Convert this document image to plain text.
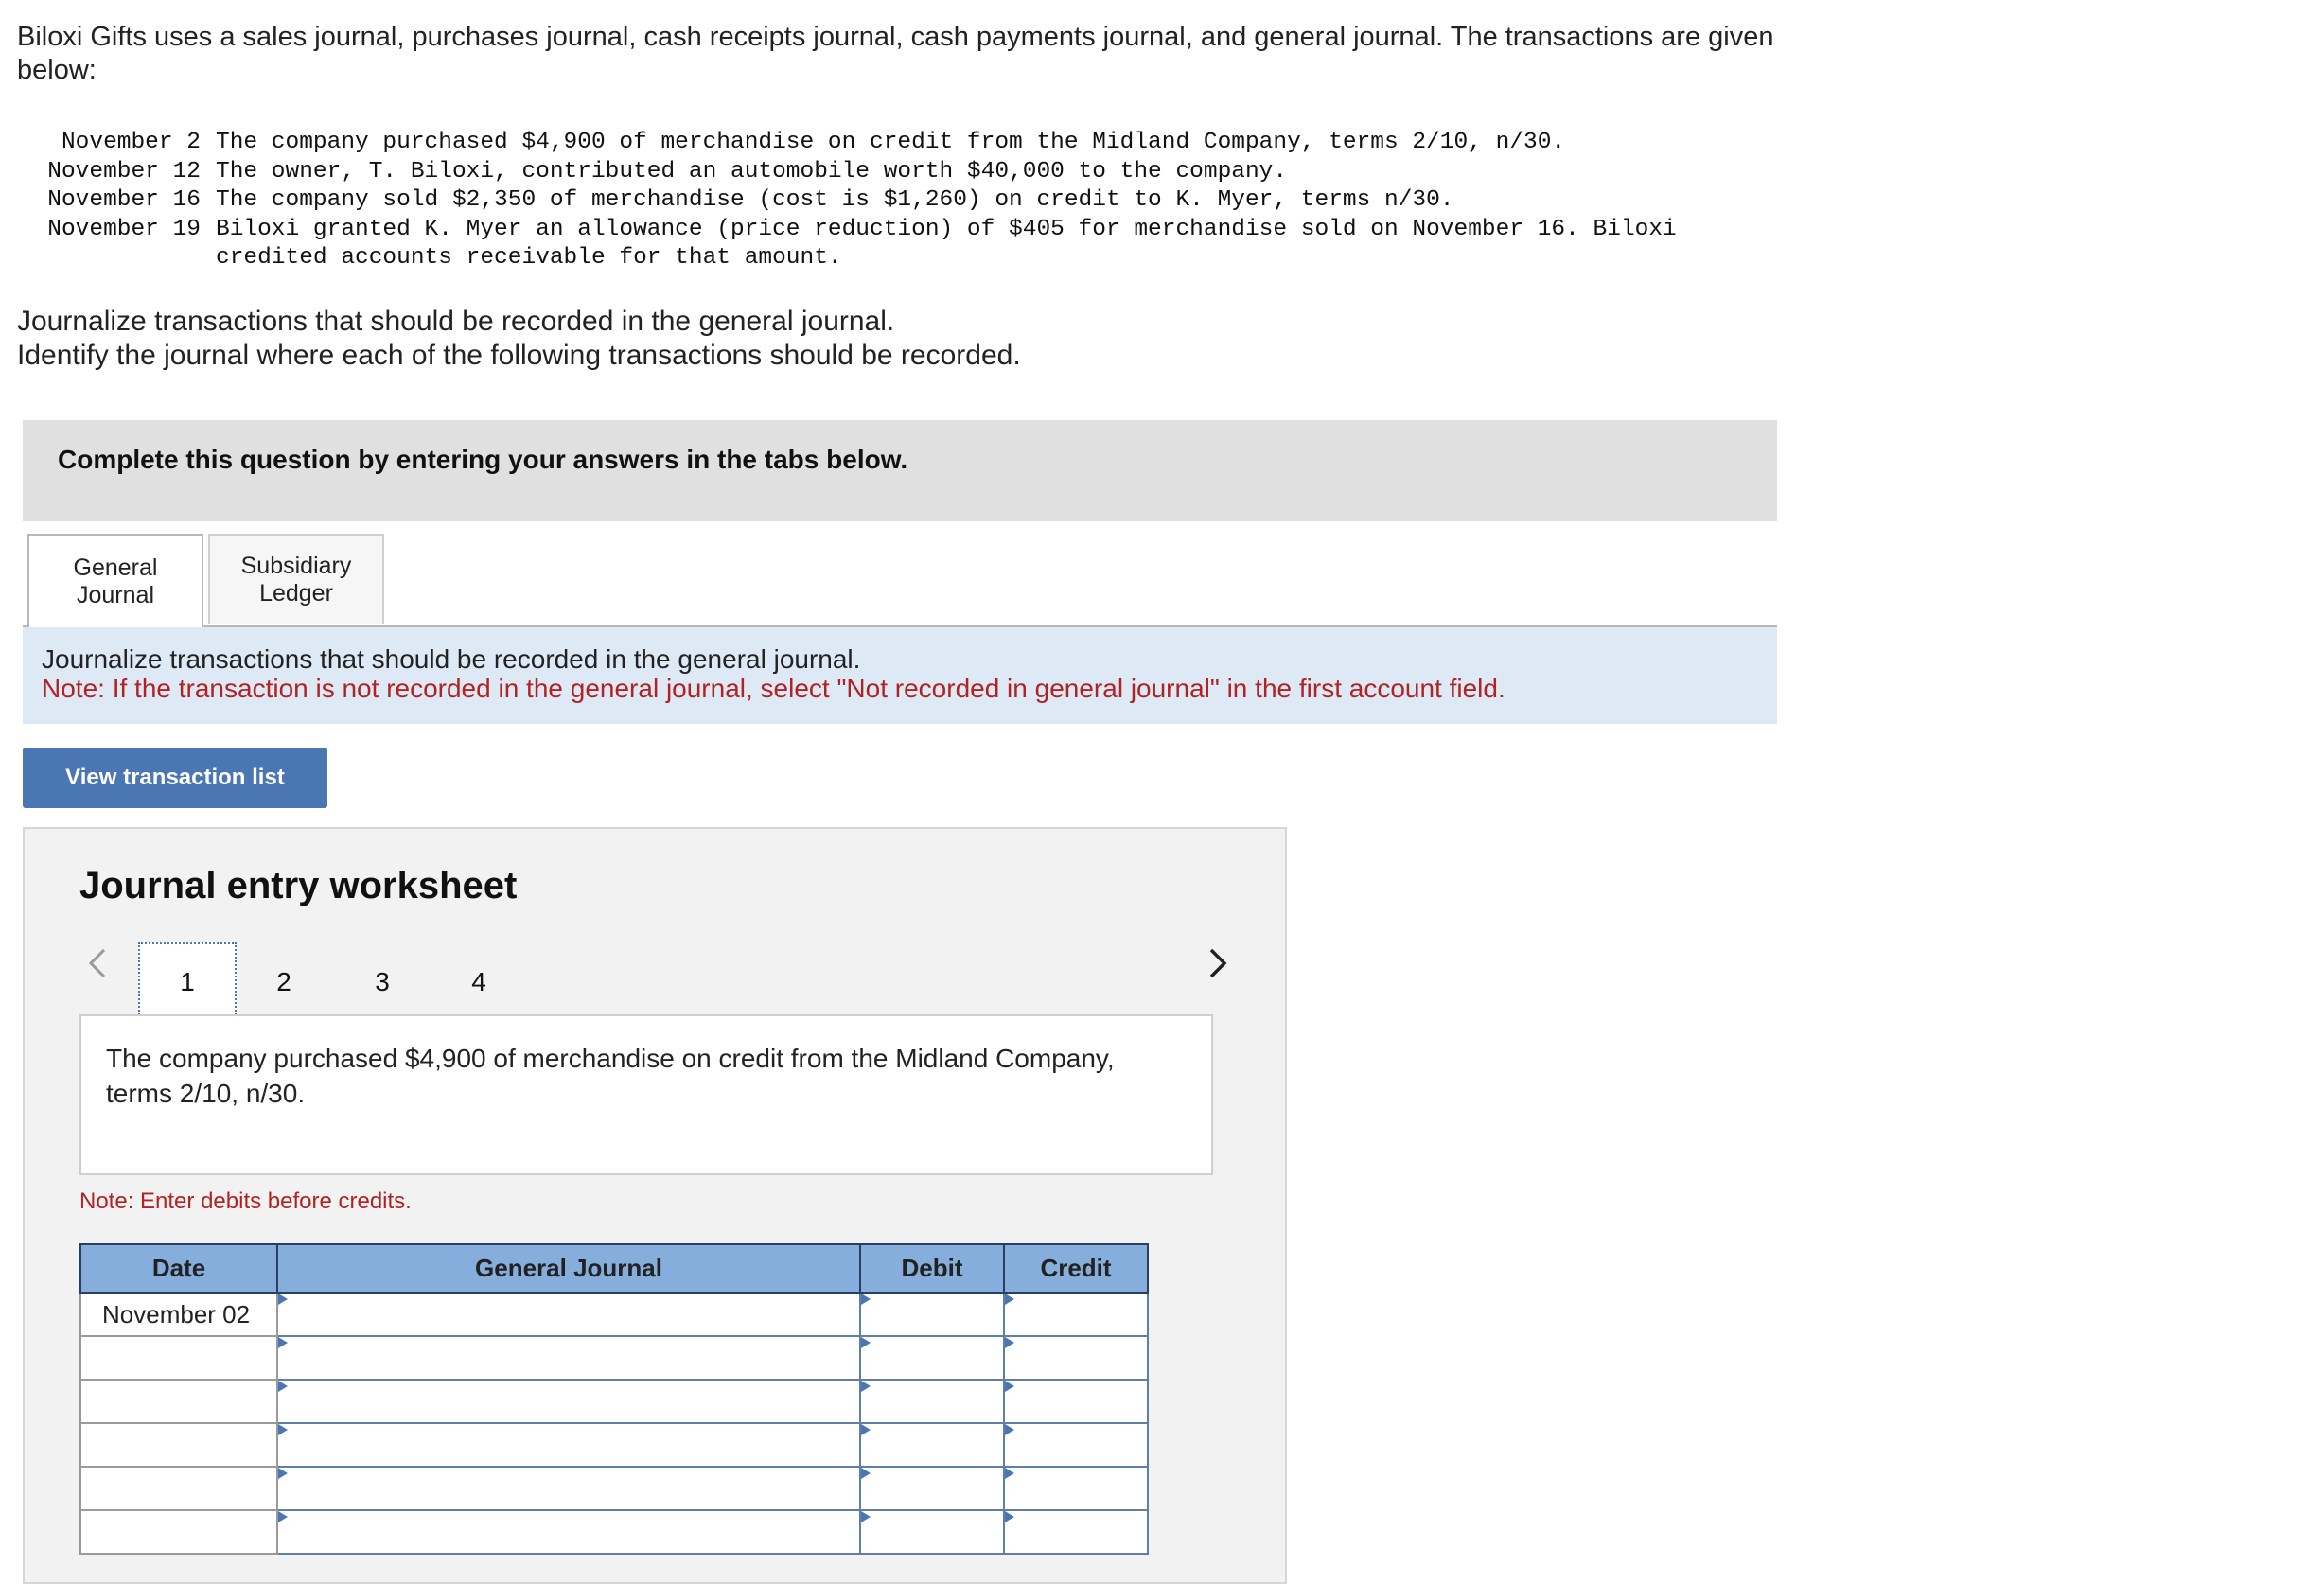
Biloxi Gifts uses a sales journal, purchases journal, cash receipts journal, cash payments journal, and general journal. The transactions are given below:
November 2 The company purchased $4,900 of merchandise on credit from the Midland Company, terms 2/10, n/30.
November 12 The owner, T. Biloxi, contributed an automobile worth $40,000 to the company.
November 16 The company sold $2,350 of merchandise (cost is $1,260) on credit to K. Myer, terms n/30.
November 19 Biloxi granted K. Myer an allowance (price reduction) of $405 for merchandise sold on November 16. Biloxi credited accounts receivable for that amount.
Journalize transactions that should be recorded in the general journal.
Identify the journal where each of the following transactions should be recorded.
Complete this question by entering your answers in the tabs below.
General Journal
Subsidiary Ledger
Journalize transactions that should be recorded in the general journal.
Note: If the transaction is not recorded in the general journal, select "Not recorded in general journal" in the first account field.
View transaction list
Journal entry worksheet
1	2	3	4
The company purchased $4,900 of merchandise on credit from the Midland Company, terms 2/10, n/30.
Note: Enter debits before credits.
Date	General Journal	Debit	Credit
November 02	
